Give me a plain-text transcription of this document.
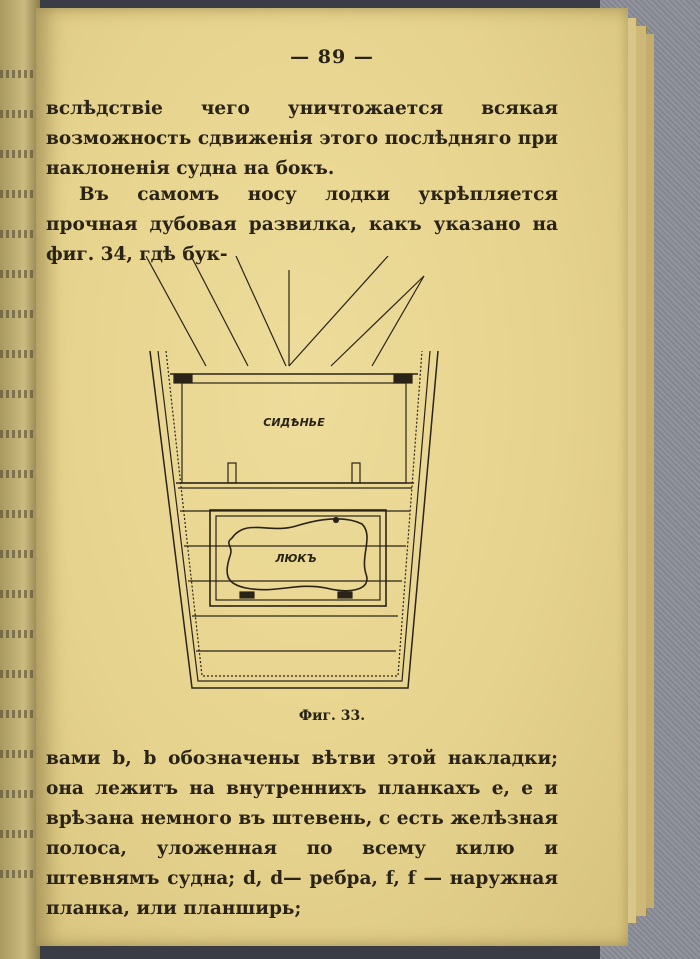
— 89 —

вслѣдствіе чего уничтожается всякая возможность сдвиженія этого послѣдняго при наклоненія судна на бокъ.

Въ самомъ носу лодки укрѣпляется прочная дубовая развилка, какъ указано на фиг. 34, гдѣ бук-

СИДѢНЬЕ
ЛЮКЪ
Фиг. 33.

вами b, b обозначены вѣтви этой накладки; она лежитъ на внутреннихъ планкахъ e, e и врѣзана немного въ штевень, c есть желѣзная полоса, уложенная по всему килю и штевнямъ судна; d, d— ребра, f, f — наружная планка, или планширь;
